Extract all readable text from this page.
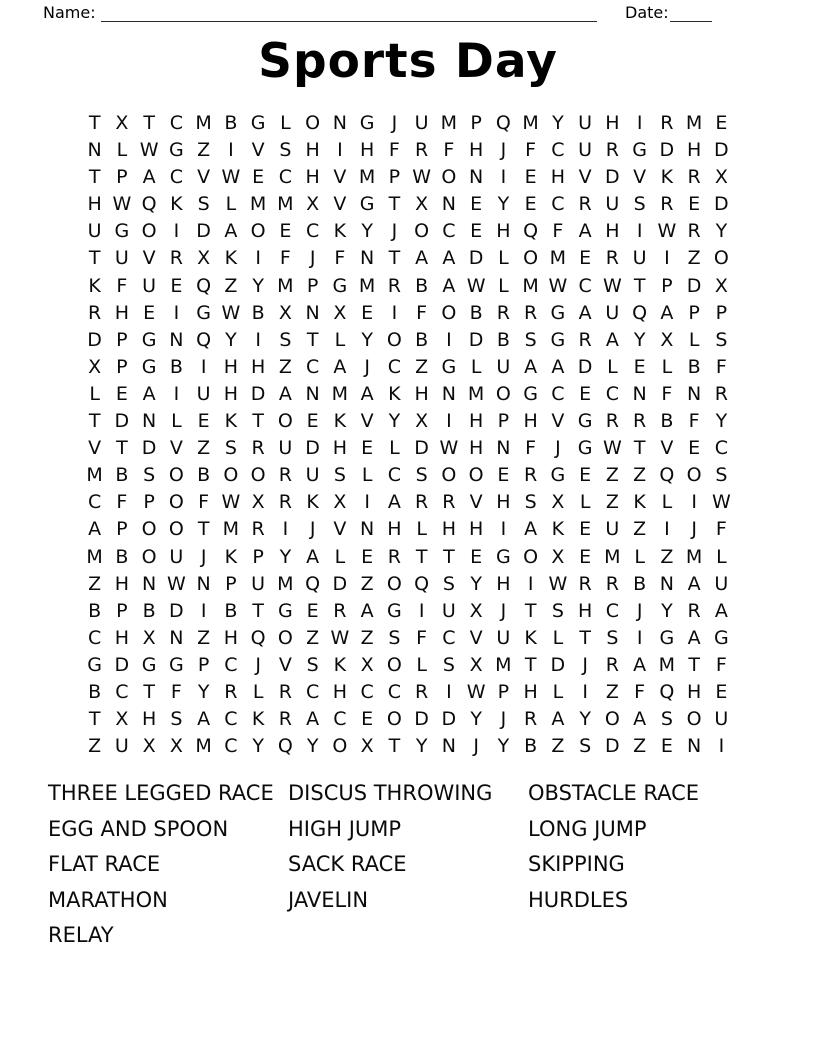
Name:	Date:
Sports Day
T X T C M B G L O N G J U M P Q M Y U H I R M E
N L W G Z I V S H I H F R F H J F C U R G D H D
T P A C V W E C H V M P W O N I E H V D V K R X
H W Q K S L M M X V G T X N E Y E C R U S R E D
U G O I D A O E C K Y J O C E H Q F A H I W R Y
T U V R X K I F J F N T A A D L O M E R U I Z O
K F U E Q Z Y M P G M R B A W L M W C W T P D X
R H E I G W B X N X E I F O B R R G A U Q A P P
D P G N Q Y I S T L Y O B I D B S G R A Y X L S
X P G B I H H Z C A J C Z G L U A A D L E L B F
L E A I U H D A N M A K H N M O G C E C N F N R
T D N L E K T O E K V Y X I H P H V G R R B F Y
V T D V Z S R U D H E L D W H N F J G W T V E C
M B S O B O O R U S L C S O O E R G E Z Z Q O S
C F P O F W X R K X I A R R V H S X L Z K L	I W
A P O O T M R I	J V N H L H H I A K E U Z I	J F
M B O U J K P Y A L E R T T E G O X E M L Z M L
Z H N W N P U M Q D Z O Q S Y H I W R R B N A U
B P B D I B T G E R A G I U X J T S H C J Y R A
C H X N Z H Q O Z W Z S F C V U K L T S I G A G
G D G G P C J V S K X O L S X M T D J R A M T F
B C T F Y R L R C H C C R I W P H L	I Z F Q H E
T X H S A C K R A C E O D D Y J R A Y O A S O U
Z U X X M C Y Q Y O X T Y N J Y B Z S D Z E N I
THREE LEGGED RACE
EGG AND SPOON
FLAT RACE
MARATHON
RELAY
DISCUS THROWING
HIGH JUMP
SACK RACE
JAVELIN
OBSTACLE RACE
LONG JUMP
SKIPPING
HURDLES
